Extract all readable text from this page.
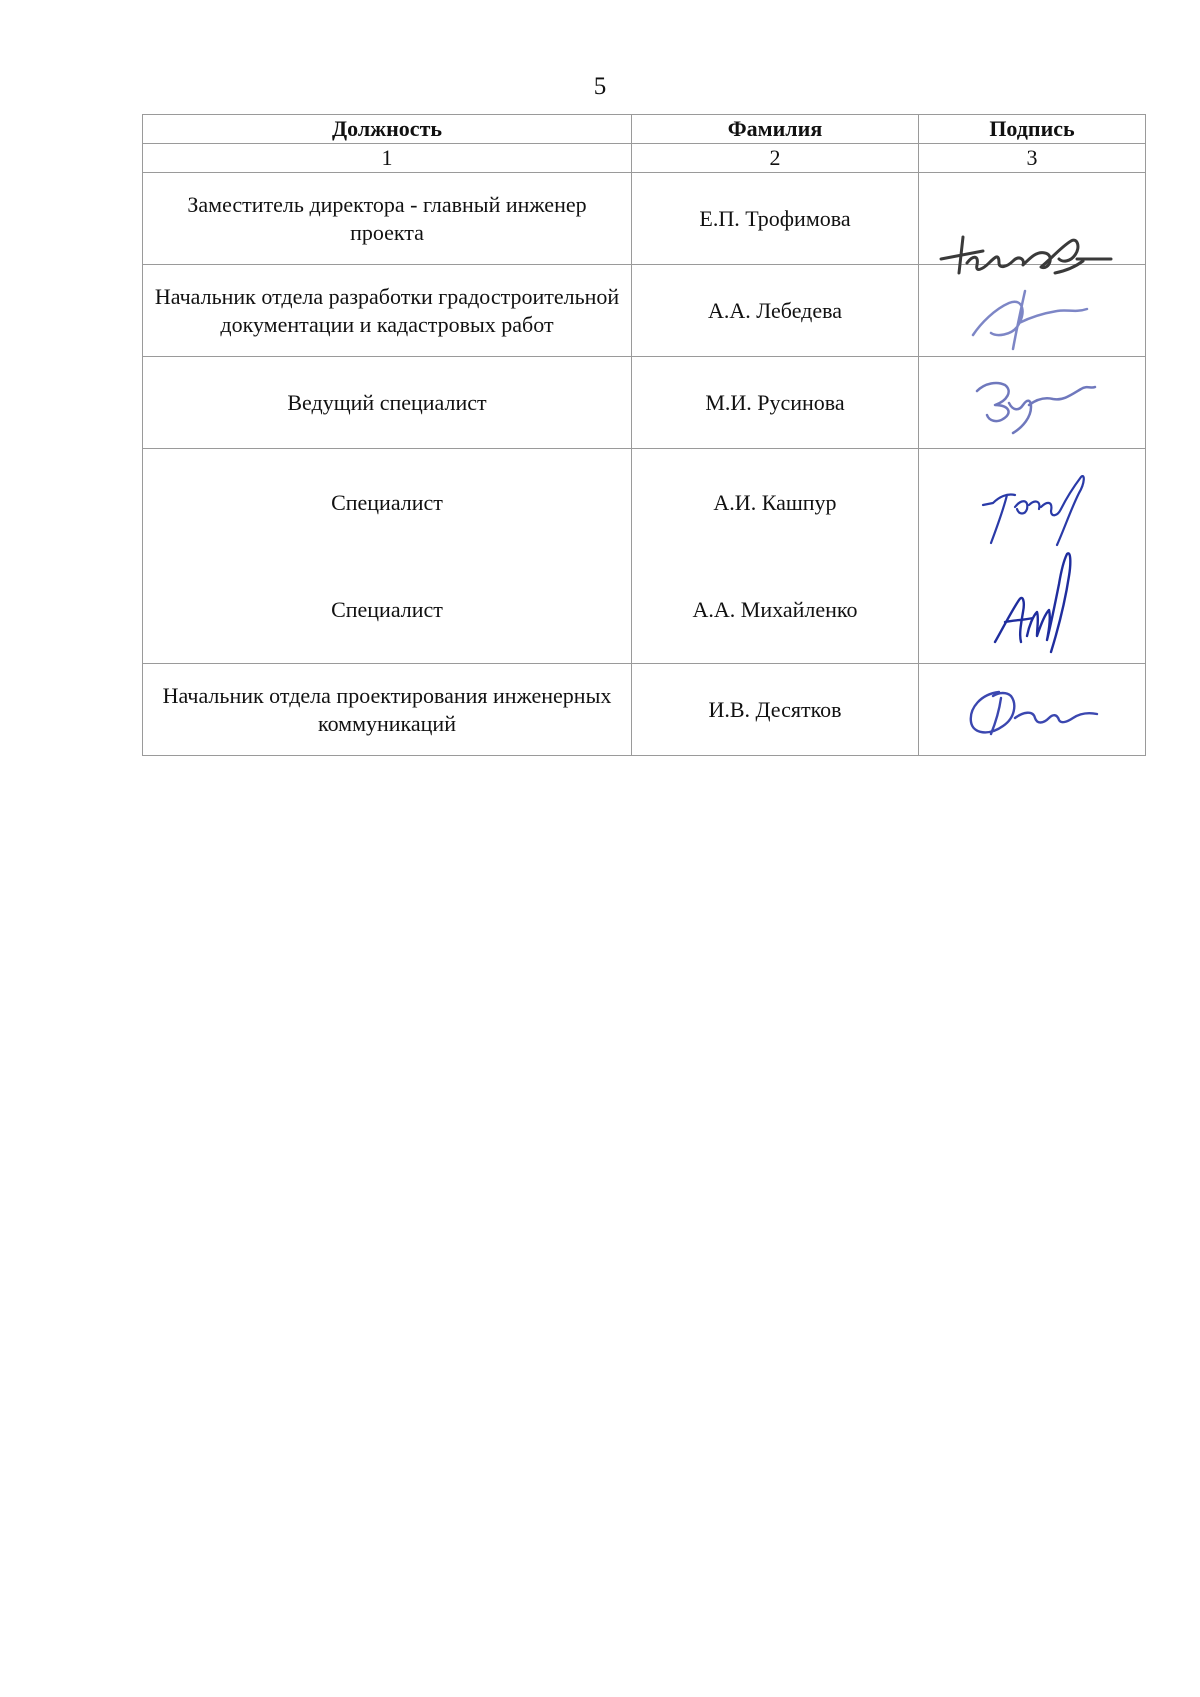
5
Должность	Фамилия	Подпись
1	2	3
Заместитель директора - главный инженер проекта	Е.П. Трофимова	
Начальник отдела разработки градостроительной документации и кадастровых работ	А.А. Лебедева	

Ведущий специалист	М.И. Русинова	

Специалист	А.И. Кашпур	

Специалист	А.А. Михайленко	

Начальник отдела проектирования инженерных коммуникаций	И.В. Десятков	
